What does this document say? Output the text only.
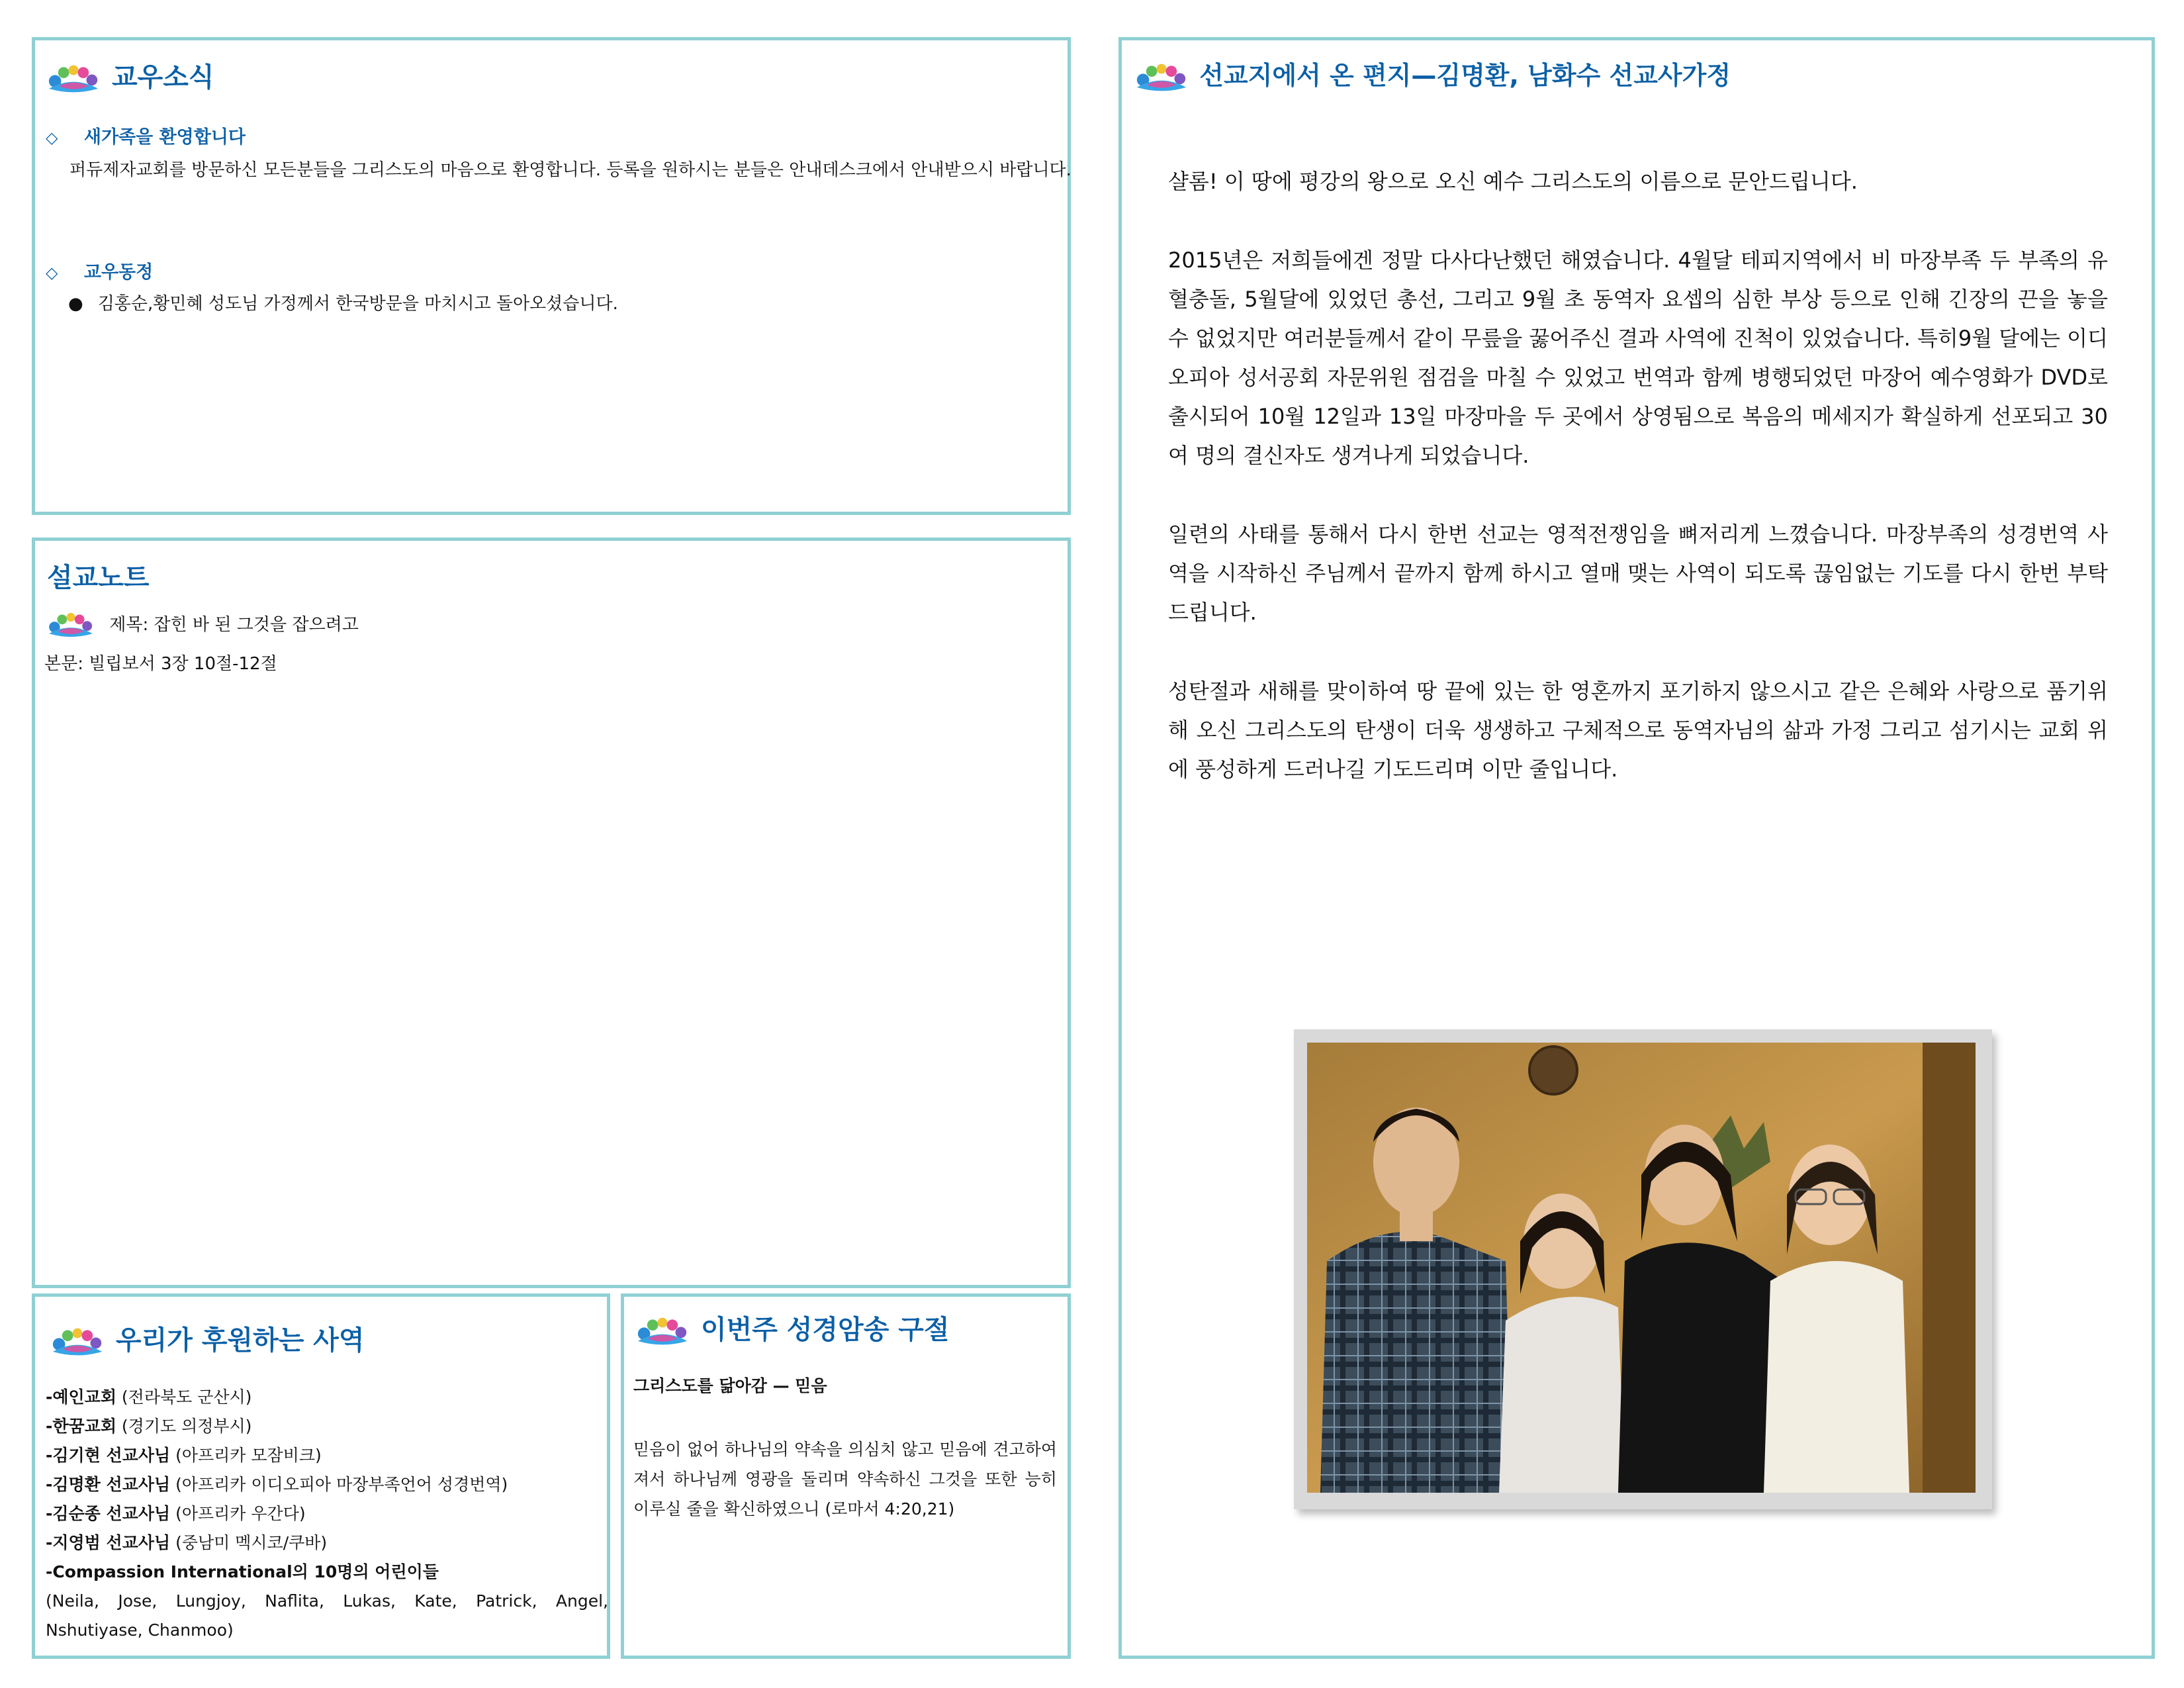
교우소식
◇ 새가족을 환영합니다
퍼듀제자교회를 방문하신 모든분들을 그리스도의 마음으로 환영합니다. 등록을 원하시는 분들은 안내데스크에서 안내받으시 바랍니다.
◇ 교우동정
● 김홍순,황민혜 성도님 가정께서 한국방문을 마치시고 돌아오셨습니다.
설교노트
제목: 잡힌 바 된 그것을 잡으려고
본문: 빌립보서 3장 10절-12절
우리가 후원하는 사역
-예인교회 (전라북도 군산시)
-한꿈교회 (경기도 의정부시)
-김기현 선교사님 (아프리카 모잠비크)
-김명환 선교사님 (아프리카 이디오피아 마장부족언어 성경번역)
-김순종 선교사님 (아프리카 우간다)
-지영범 선교사님 (중남미 멕시코/쿠바)
-Compassion International의 10명의 어린이들
(Neila, Jose, Lungjoy, Naflita, Lukas, Kate, Patrick, Angel, Nshutiyase, Chanmoo)
이번주 성경암송 구절
그리스도를 닮아감 — 믿음
믿음이 없어 하나님의 약속을 의심치 않고 믿음에 견고하여져서 하나님께 영광을 돌리며 약속하신 그것을 또한 능히 이루실 줄을 확신하였으니 (로마서 4:20,21)
선교지에서 온 편지—김명환, 남화수 선교사가정

샬롬! 이 땅에 평강의 왕으로 오신 예수 그리스도의 이름으로 문안드립니다.

2015년은 저희들에겐 정말 다사다난했던 해였습니다. 4월달 테피지역에서 비 마장부족 두 부족의 유혈충돌, 5월달에 있었던 총선, 그리고 9월 초 동역자 요셉의 심한 부상 등으로 인해 긴장의 끈을 놓을 수 없었지만 여러분들께서 같이 무릎을 꿇어주신 결과 사역에 진척이 있었습니다. 특히9월 달에는 이디오피아 성서공회 자문위원 점검을 마칠 수 있었고 번역과 함께 병행되었던 마장어 예수영화가 DVD로 출시되어 10월 12일과 13일 마장마을 두 곳에서 상영됨으로 복음의 메세지가 확실하게 선포되고 30여 명의 결신자도 생겨나게 되었습니다.

일련의 사태를 통해서 다시 한번 선교는 영적전쟁임을 뼈저리게 느꼈습니다. 마장부족의 성경번역 사역을 시작하신 주님께서 끝까지 함께 하시고 열매 맺는 사역이 되도록 끊임없는 기도를 다시 한번 부탁드립니다.

성탄절과 새해를 맞이하여 땅 끝에 있는 한 영혼까지 포기하지 않으시고 같은 은혜와 사랑으로 품기위해 오신 그리스도의 탄생이 더욱 생생하고 구체적으로 동역자님의 삶과 가정 그리고 섬기시는 교회 위에 풍성하게 드러나길 기도드리며 이만 줄입니다.
